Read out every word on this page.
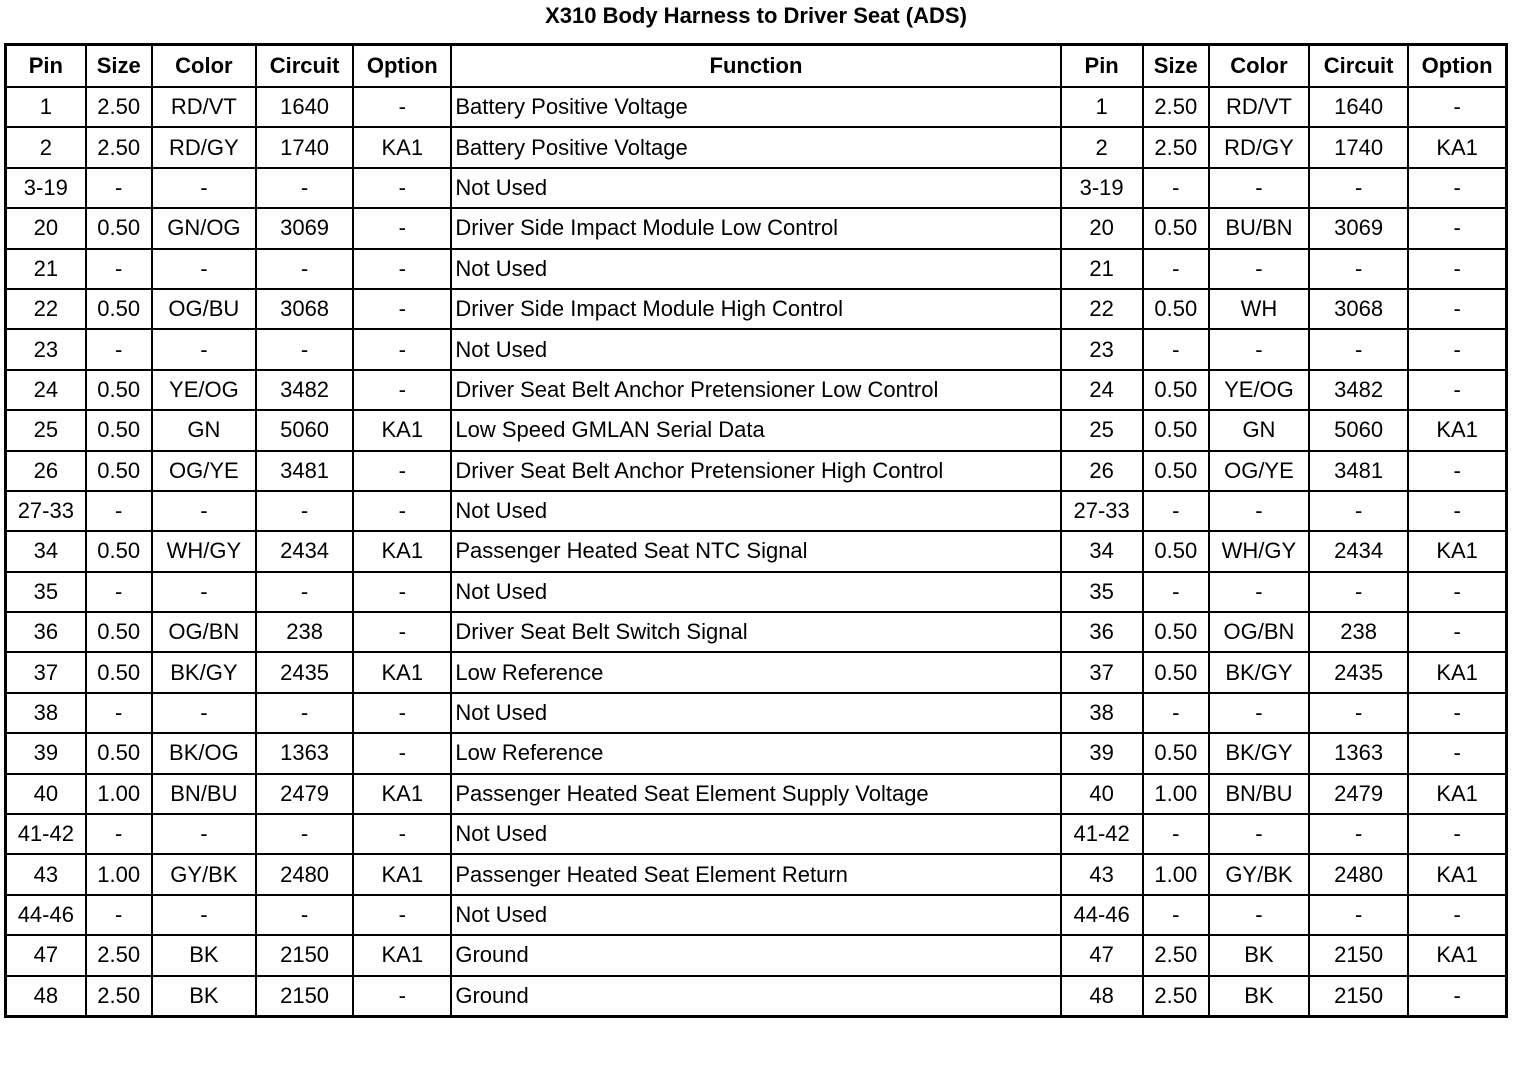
X310 Body Harness to Driver Seat (ADS)
Pin	Size	Color	Circuit	Option	Function	Pin	Size	Color	Circuit	Option
1	2.50	RD/VT	1640	-	Battery Positive Voltage	1	2.50	RD/VT	1640	-
2	2.50	RD/GY	1740	KA1	Battery Positive Voltage	2	2.50	RD/GY	1740	KA1
3-19	-	-	-	-	Not Used	3-19	-	-	-	-
20	0.50	GN/OG	3069	-	Driver Side Impact Module Low Control	20	0.50	BU/BN	3069	-
21	-	-	-	-	Not Used	21	-	-	-	-
22	0.50	OG/BU	3068	-	Driver Side Impact Module High Control	22	0.50	WH	3068	-
23	-	-	-	-	Not Used	23	-	-	-	-
24	0.50	YE/OG	3482	-	Driver Seat Belt Anchor Pretensioner Low Control	24	0.50	YE/OG	3482	-
25	0.50	GN	5060	KA1	Low Speed GMLAN Serial Data	25	0.50	GN	5060	KA1
26	0.50	OG/YE	3481	-	Driver Seat Belt Anchor Pretensioner High Control	26	0.50	OG/YE	3481	-
27-33	-	-	-	-	Not Used	27-33	-	-	-	-
34	0.50	WH/GY	2434	KA1	Passenger Heated Seat NTC Signal	34	0.50	WH/GY	2434	KA1
35	-	-	-	-	Not Used	35	-	-	-	-
36	0.50	OG/BN	238	-	Driver Seat Belt Switch Signal	36	0.50	OG/BN	238	-
37	0.50	BK/GY	2435	KA1	Low Reference	37	0.50	BK/GY	2435	KA1
38	-	-	-	-	Not Used	38	-	-	-	-
39	0.50	BK/OG	1363	-	Low Reference	39	0.50	BK/GY	1363	-
40	1.00	BN/BU	2479	KA1	Passenger Heated Seat Element Supply Voltage	40	1.00	BN/BU	2479	KA1
41-42	-	-	-	-	Not Used	41-42	-	-	-	-
43	1.00	GY/BK	2480	KA1	Passenger Heated Seat Element Return	43	1.00	GY/BK	2480	KA1
44-46	-	-	-	-	Not Used	44-46	-	-	-	-
47	2.50	BK	2150	KA1	Ground	47	2.50	BK	2150	KA1
48	2.50	BK	2150	-	Ground	48	2.50	BK	2150	-
